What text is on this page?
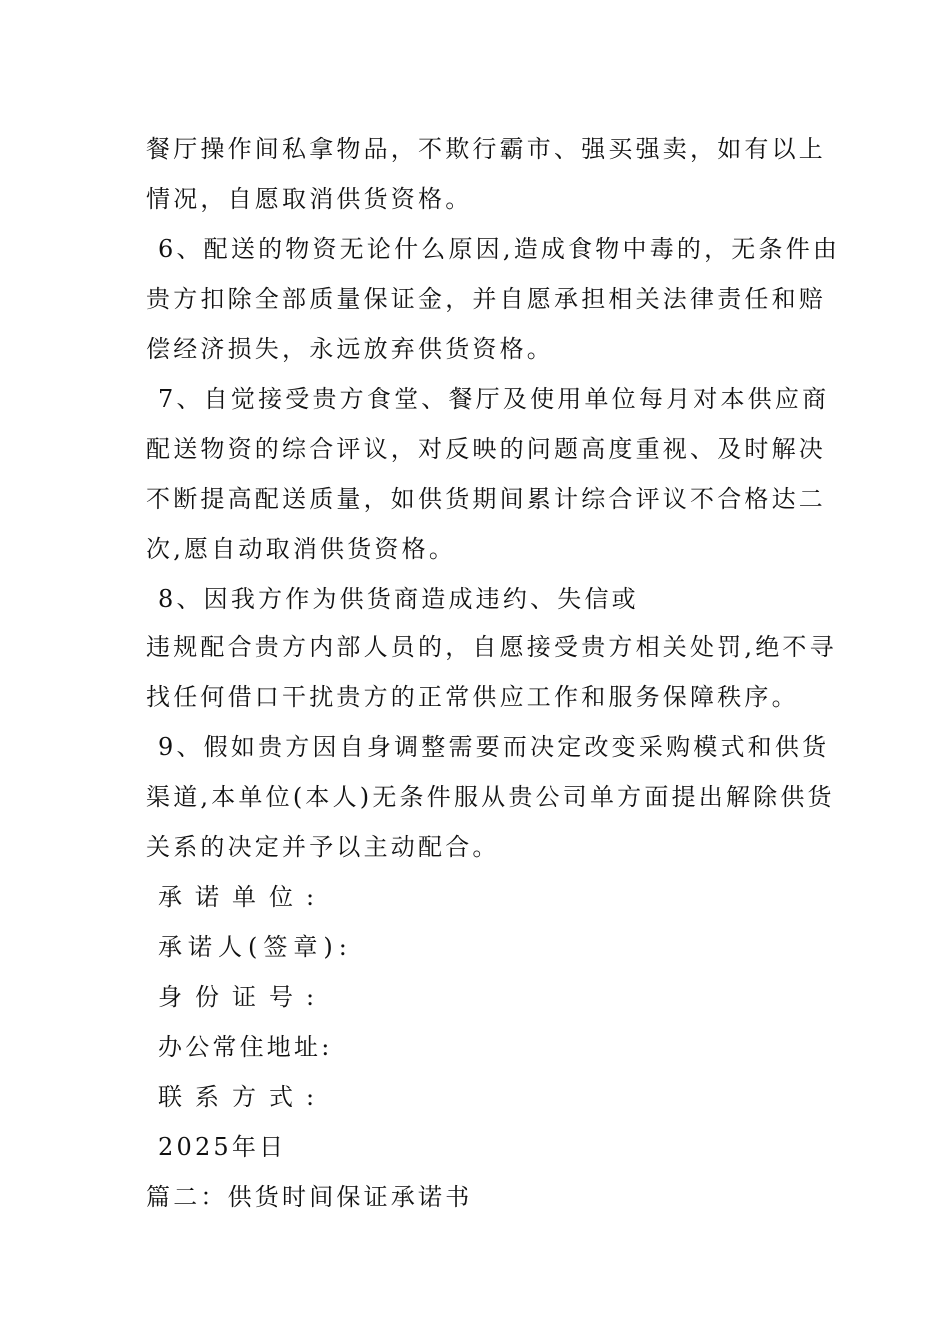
餐厅操作间私拿物品，不欺行霸市、强买强卖，如有以上
情况，自愿取消供货资格。
6、配送的物资无论什么原因,造成食物中毒的，无条件由
贵方扣除全部质量保证金，并自愿承担相关法律责任和赔
偿经济损失，永远放弃供货资格。
7、自觉接受贵方食堂、餐厅及使用单位每月对本供应商
配送物资的综合评议，对反映的问题高度重视、及时解决
不断提高配送质量，如供货期间累计综合评议不合格达二
次,愿自动取消供货资格。
8、因我方作为供货商造成违约、失信或
违规配合贵方内部人员的，自愿接受贵方相关处罚,绝不寻
找任何借口干扰贵方的正常供应工作和服务保障秩序。
9、假如贵方因自身调整需要而决定改变采购模式和供货
渠道,本单位(本人)无条件服从贵公司单方面提出解除供货
关系的决定并予以主动配合。
承诺单位:
承诺人(签章):
身份证号:
办公常住地址:
联系方式:
2025年日
篇二：供货时间保证承诺书
